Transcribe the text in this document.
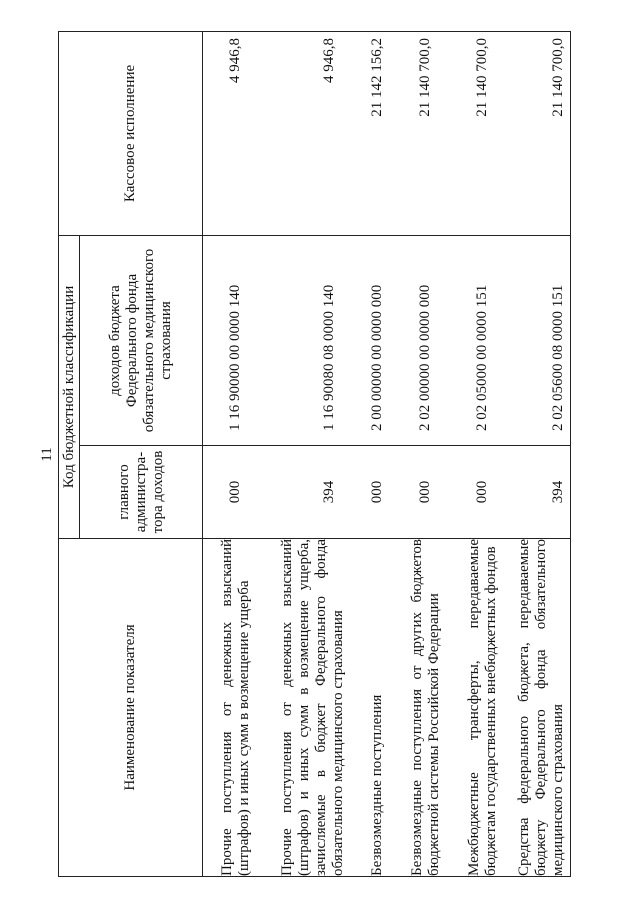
11
Наименование показателя	Код бюджетной классификации		Кассовое исполнение

	главного администра-тора доходов	доходов бюджета Федерального фонда обязательного медицинского страхования	

Прочие поступления от денежных взысканий (штрафов) и иных сумм в возмещение ущерба	000	1 16 90000 00 0000 140	4 946,8

Прочие поступления от денежных взысканий (штрафов) и иных сумм в возмещение ущерба, зачисляемые в бюджет Федерального фонда обязательного медицинского страхования	394	1 16 90080 08 0000 140	4 946,8

Безвозмездные поступления	000	2 00 00000 00 0000 000	21 142 156,2

Безвозмездные поступления от других бюджетов бюджетной системы Российской Федерации	000	2 02 00000 00 0000 000	21 140 700,0

Межбюджетные трансферты, передаваемые бюджетам государственных внебюджетных фондов	000	2 02 05000 00 0000 151	21 140 700,0

Средства федерального бюджета, передаваемые бюджету Федерального фонда обязательного медицинского страхования	394	2 02 05600 08 0000 151	21 140 700,0
